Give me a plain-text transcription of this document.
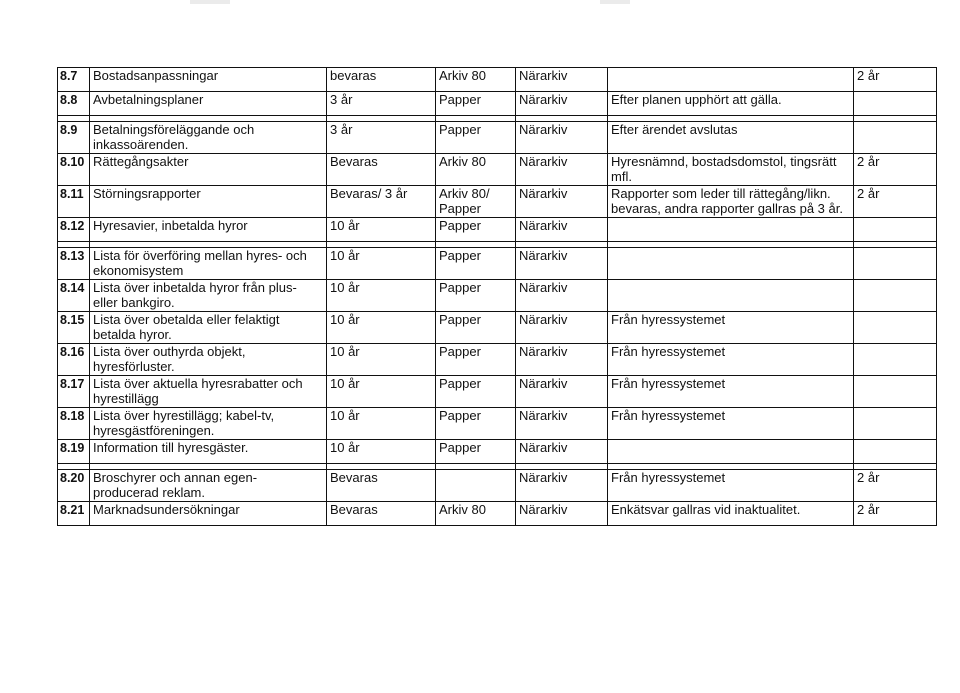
8.7	Bostadsanpassningar	bevaras	Arkiv 80	Närarkiv		2 år
8.8	Avbetalningsplaner	3 år	Papper	Närarkiv	Efter planen upphört att gälla.	

8.9	Betalningsföreläggande och inkassoärenden.	3 år	Papper	Närarkiv	Efter ärendet avslutas	
8.10	Rättegångsakter	Bevaras	Arkiv 80	Närarkiv	Hyresnämnd, bostadsdomstol, tingsrätt mfl.	2 år
8.11	Störningsrapporter	Bevaras/ 3 år	Arkiv 80/ Papper	Närarkiv	Rapporter som leder till rättegång/likn. bevaras, andra rapporter gallras på 3 år.	2 år
8.12	Hyresavier, inbetalda hyror	10 år	Papper	Närarkiv		

8.13	Lista för överföring mellan hyres- och ekonomisystem	10 år	Papper	Närarkiv		
8.14	Lista över inbetalda hyror från plus- eller bankgiro.	10 år	Papper	Närarkiv		
8.15	Lista över obetalda eller felaktigt betalda hyror.	10 år	Papper	Närarkiv	Från hyressystemet	
8.16	Lista över outhyrda objekt, hyresförluster.	10 år	Papper	Närarkiv	Från hyressystemet	
8.17	Lista över aktuella hyresrabatter och hyrestillägg	10 år	Papper	Närarkiv	Från hyressystemet	
8.18	Lista över hyrestillägg; kabel-tv, hyresgästföreningen.	10 år	Papper	Närarkiv	Från hyressystemet	
8.19	Information till hyresgäster.	10 år	Papper	Närarkiv		

8.20	Broschyrer och annan egen- producerad reklam.	Bevaras		Närarkiv	Från hyressystemet	2 år
8.21	Marknadsundersökningar	Bevaras	Arkiv 80	Närarkiv	Enkätsvar gallras vid inaktualitet.	2 år
